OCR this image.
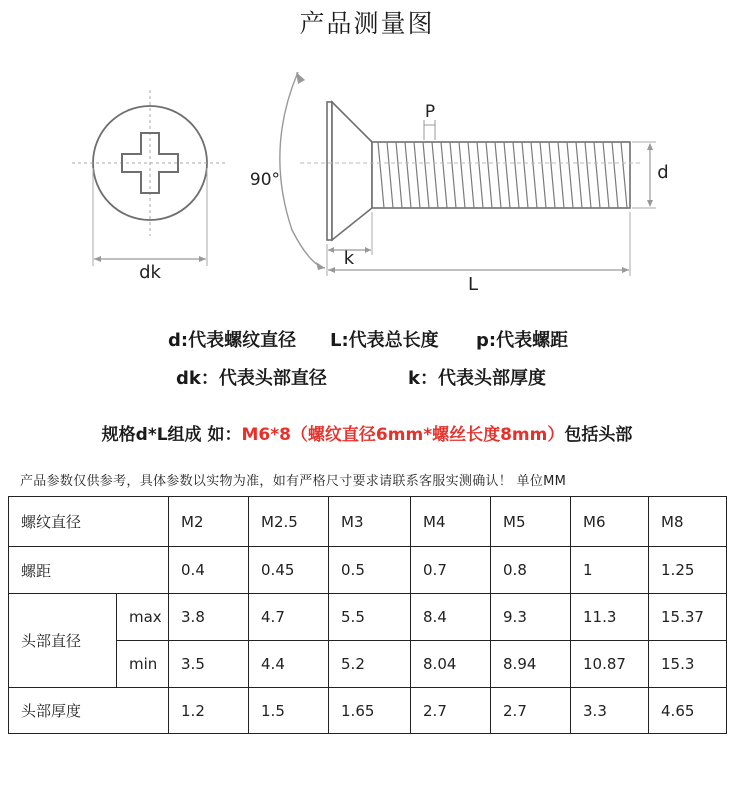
产品测量图
dk
90°
P
d
k
L
d:代表螺纹直径 L:代表总长度 p:代表螺距
dk：代表头部直径	k：代表头部厚度
规格d*L组成 如：M6*8（螺纹直径6mm*螺丝长度8mm）包括头部
产品参数仅供参考，具体参数以实物为准，如有严格尺寸要求请联系客服实测确认！ 单位MM
螺纹直径		M2	M2.5	M3	M4	M5	M6	M8
螺距		0.4	0.45	0.5	0.7	0.8	1	1.25
头部直径	max	3.8	4.7	5.5	8.4	9.3	11.3	15.37
	min	3.5	4.4	5.2	8.04	8.94	10.87	15.3
头部厚度		1.2	1.5	1.65	2.7	2.7	3.3	4.65
